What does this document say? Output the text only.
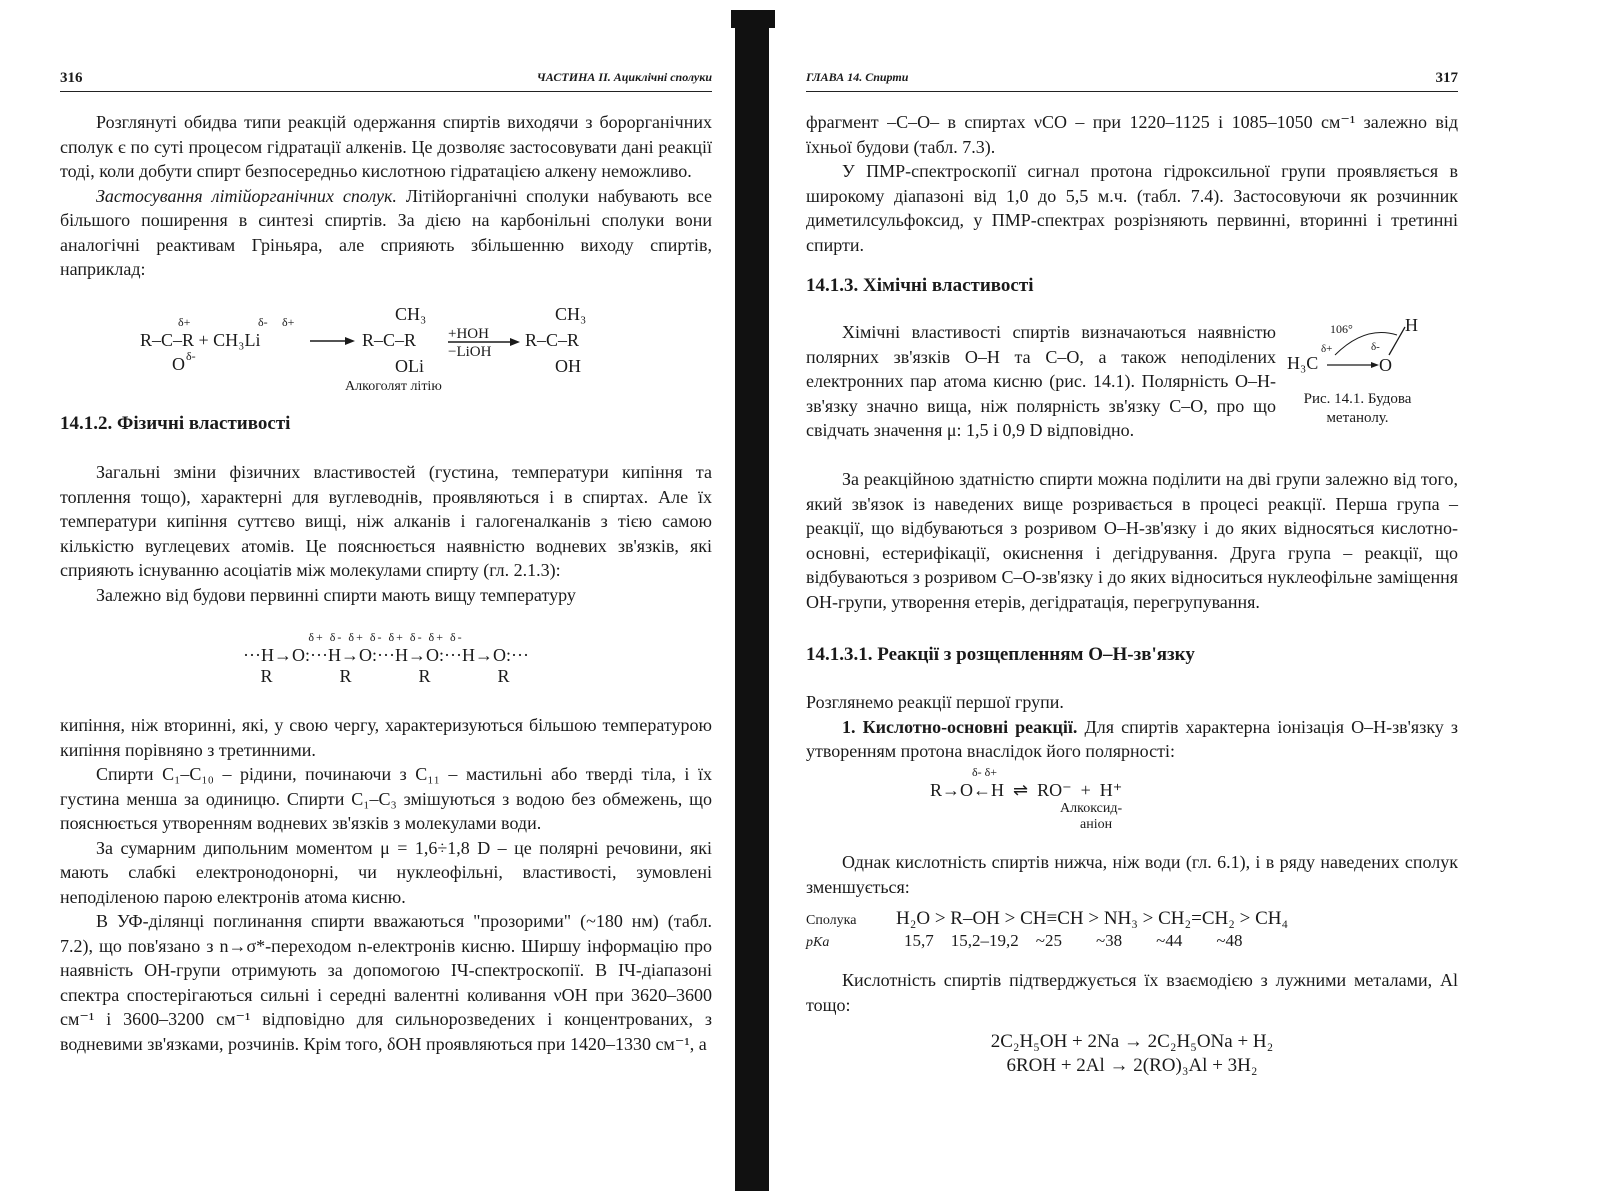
316	ЧАСТИНА II. Ациклічні сполуки

Розглянуті обидва типи реакцій одержання спиртів виходячи з борорганічних сполук є по суті процесом гідратації алкенів. Це дозволяє застосовувати дані реакції тоді, коли добути спирт безпосередньо кислотною гідратацією алкену неможливо.

Застосування літійорганічних сполук. Літійорганічні сполуки набувають все більшого поширення в синтезі спиртів. За дією на карбонільні сполуки вони аналогічні реактивам Гріньяра, але сприяють збільшенню виходу спиртів, наприклад:

δ+	δ- δ+	CH₃	CH₃
R–C–R + CH₃Li	R–C–R +HOH
−LiOH
R–C–R
O δ-	OLi	OH
Алкоголят літію
14.1.2. Фізичні властивості

Загальні зміни фізичних властивостей (густина, температури кипіння та топлення тощо), характерні для вуглеводнів, проявляються і в спиртах. Але їх температури кипіння суттєво вищі, ніж алканів і галогеналканів з тією самою кількістю вуглецевих атомів. Це пояснюється наявністю водневих зв'язків, які сприяють існуванню асоціатів між молекулами спирту (гл. 2.1.3):

Залежно від будови первинні спирти мають вищу температуру

δ+ δ- δ+ δ- δ+ δ- δ+ δ-
···H→O:···H→O:···H→O:···H→O:···
R          R          R          R

кипіння, ніж вторинні, які, у свою чергу, характеризуються більшою температурою кипіння порівняно з третинними.

Спирти C₁–C₁₀ – рідини, починаючи з C₁₁ – мастильні або тверді тіла, і їх густина менша за одиницю. Спирти C₁–C₃ змішуються з водою без обмежень, що пояснюється утворенням водневих зв'язків з молекулами води.

За сумарним дипольним моментом μ = 1,6÷1,8 D – це полярні речовини, які мають слабкі електронодонорні, чи нуклеофільні, властивості, зумовлені неподіленою парою електронів атома кисню.

В УФ-ділянці поглинання спирти вважаються "прозорими" (~180 нм) (табл. 7.2), що пов'язано з n→σ*-переходом n-електронів кисню. Ширшу інформацію про наявність OH-групи отримують за допомогою ІЧ-спектроскопії. В ІЧ-діапазоні спектра спостерігаються сильні і середні валентні коливання νOH при 3620–3600 см⁻¹ і 3600–3200 см⁻¹ відповідно для сильнорозведених і концентрованих, з водневими зв'язками, розчинів. Крім того, δOH проявляються при 1420–1330 см⁻¹, а

ГЛАВА 14. Спирти	317

фрагмент –C–O– в спиртах νCO – при 1220–1125 і 1085–1050 см⁻¹ залежно від їхньої будови (табл. 7.3).

У ПМР-спектроскопії сигнал протона гідроксильної групи проявляється в широкому діапазоні від 1,0 до 5,5 м.ч. (табл. 7.4). Застосовуючи як розчинник диметилсульфоксид, у ПМР-спектрах розрізняють первинні, вторинні і третинні спирти.

14.1.3. Хімічні властивості

Хімічні властивості спиртів визначаються наявністю полярних зв'язків O–H та C–O, а також неподілених електронних пар атома кисню (рис. 14.1). Полярність O–H-зв'язку значно вища, ніж полярність зв'язку C–O, про що свідчать значення μ: 1,5 і 0,9 D відповідно.

106°	H
H₃C	O
δ+	δ-
Рис. 14.1. Будова метанолу.

За реакційною здатністю спирти можна поділити на дві групи залежно від того, який зв'язок із наведених вище розривається в процесі реакції. Перша група – реакції, що відбуваються з розривом O–H-зв'язку і до яких відносяться кислотно-основні, естерифікації, окиснення і дегідрування. Друга група – реакції, що відбуваються з розривом C–O-зв'язку і до яких відноситься нуклеофільне заміщення OH-групи, утворення етерів, дегідратація, перегрупування.

14.1.3.1. Реакції з розщепленням O–H-зв'язку

Розглянемо реакції першої групи.

1. Кислотно-основні реакції. Для спиртів характерна іонізація O–H-зв'язку з утворенням протона внаслідок його полярності:

δ- δ+
R→O←H  ⇌  RO⁻  +  H⁺
Алкоксид-
аніон

Однак кислотність спиртів нижча, ніж води (гл. 6.1), і в ряду наведених сполук зменшується:

Сполука H₂O > R–OH > CH≡CH > NH₃ > CH₂=CH₂ > CH₄
pKa	15,7    15,2–19,2    ~25        ~38        ~44        ~48

Кислотність спиртів підтверджується їх взаємодією з лужними металами, Al тощо:

2C₂H₅OH + 2Na → 2C₂H₅ONa + H₂
6ROH + 2Al → 2(RO)₃Al + 3H₂
